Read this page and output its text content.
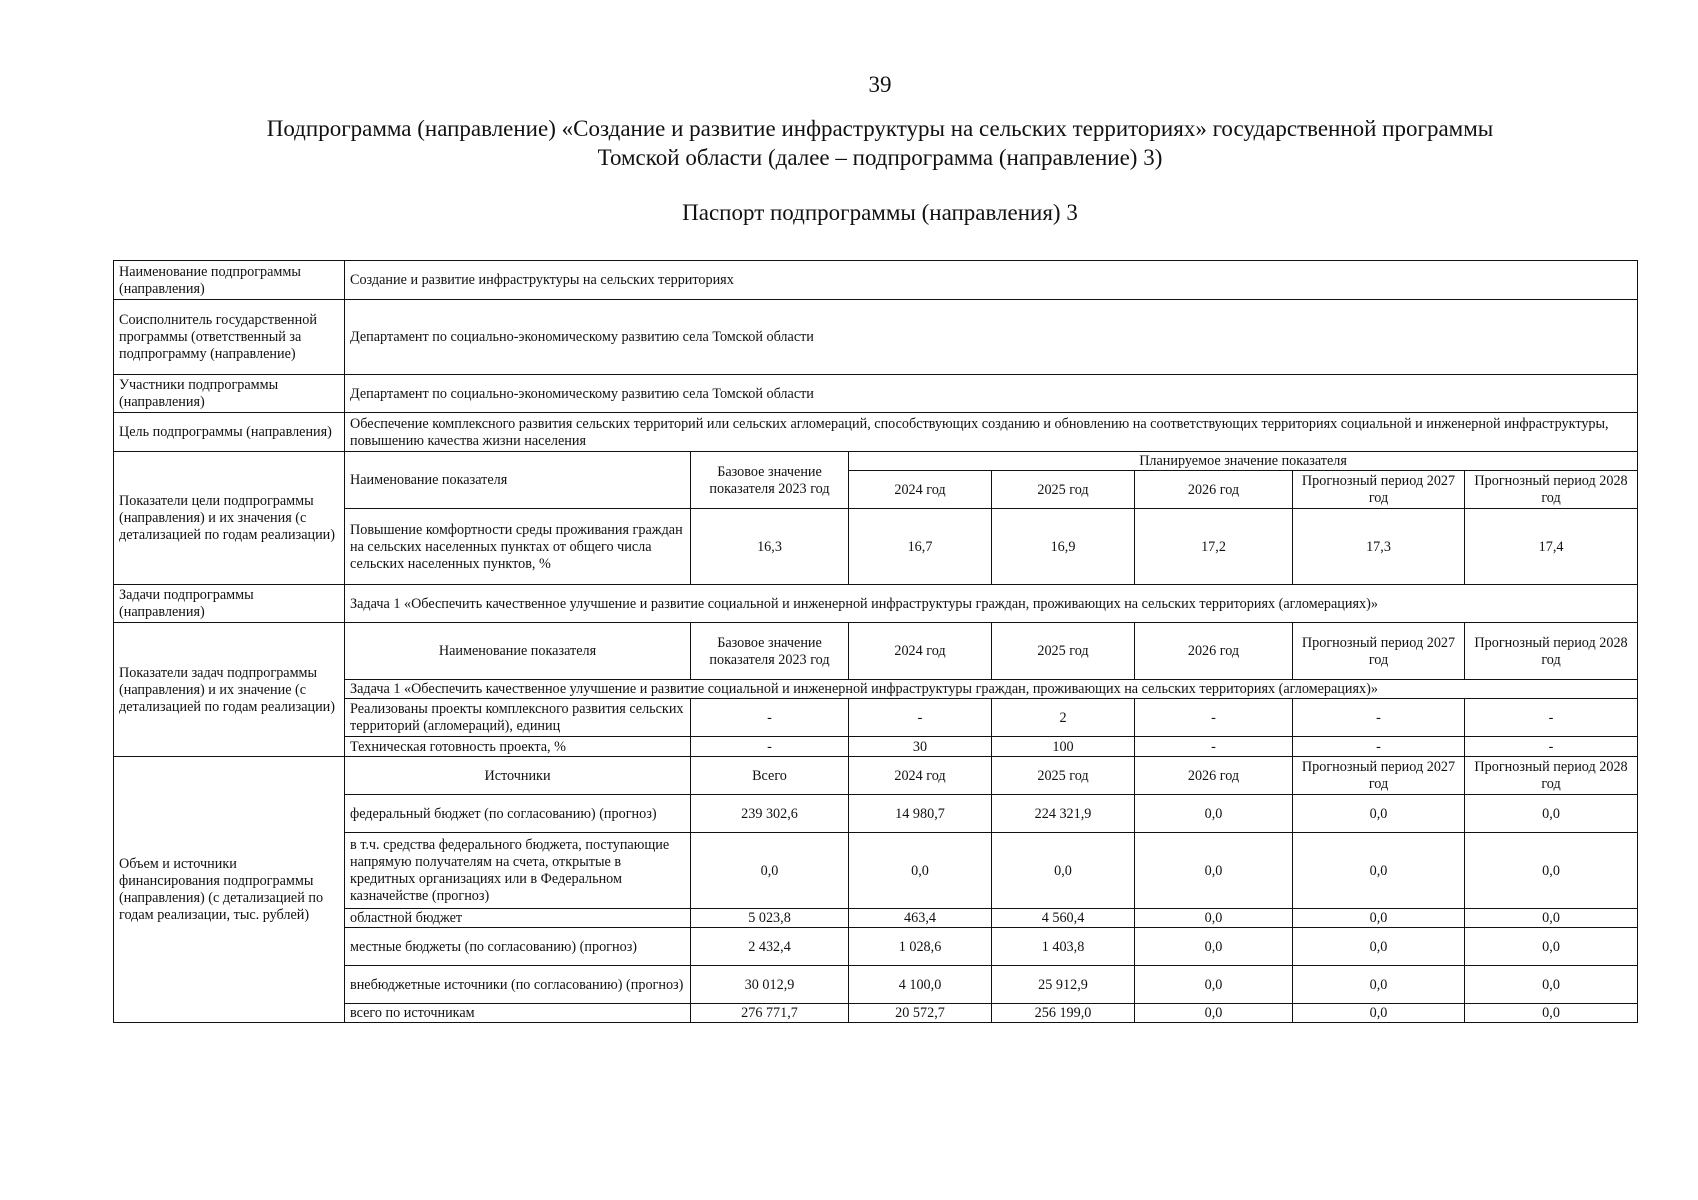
39
Подпрограмма (направление) «Создание и развитие инфраструктуры на сельских территориях» государственной программы
Томской области (далее – подпрограмма (направление) 3)
Паспорт подпрограммы (направления) 3
Наименование подпрограммы (направления)	Создание и развитие инфраструктуры на сельских территориях						
Соисполнитель государственной программы (ответственный за подпрограмму (направление)	Департамент по социально-экономическому развитию села Томской области						
Участники подпрограммы (направления)	Департамент по социально-экономическому развитию села Томской области						
Цель подпрограммы (направления)	Обеспечение комплексного развития сельских территорий или сельских агломераций, способствующих созданию и обновлению на соответствующих территориях социальной и инженерной инфраструктуры, повышению качества жизни населения						
Показатели цели подпрограммы (направления) и их значения (с детализацией по годам реализации)	Наименование показателя	Базовое значение показателя 2023 год	Планируемое значение показателя				
			2024 год	2025 год	2026 год	Прогнозный период 2027 год	Прогнозный период 2028 год
	Повышение комфортности среды проживания граждан на сельских населенных пунктах от общего числа сельских населенных пунктов, %	16,3	16,7	16,9	17,2	17,3	17,4
Задачи подпрограммы (направления)	Задача 1 «Обеспечить качественное улучшение и развитие социальной и инженерной инфраструктуры граждан, проживающих на сельских территориях (агломерациях)»						
Показатели задач подпрограммы (направления) и их значение (с детализацией по годам реализации)	Наименование показателя	Базовое значение показателя 2023 год	2024 год	2025 год	2026 год	Прогнозный период 2027 год	Прогнозный период 2028 год
	Задача 1 «Обеспечить качественное улучшение и развитие социальной и инженерной инфраструктуры граждан, проживающих на сельских территориях (агломерациях)»						
	Реализованы проекты комплексного развития сельских территорий (агломераций), единиц	-	-	2	-	-	-
	Техническая готовность проекта, %	-	30	100	-	-	-
Объем и источники финансирования подпрограммы (направления) (с детализацией по годам реализации, тыс. рублей)	Источники	Всего	2024 год	2025 год	2026 год	Прогнозный период 2027 год	Прогнозный период 2028 год
	федеральный бюджет (по согласованию) (прогноз)	239 302,6	14 980,7	224 321,9	0,0	0,0	0,0
	в т.ч. средства федерального бюджета, поступающие напрямую получателям на счета, открытые в кредитных организациях или в Федеральном казначействе (прогноз)	0,0	0,0	0,0	0,0	0,0	0,0
	областной бюджет	5 023,8	463,4	4 560,4	0,0	0,0	0,0
	местные бюджеты (по согласованию) (прогноз)	2 432,4	1 028,6	1 403,8	0,0	0,0	0,0
	внебюджетные источники (по согласованию) (прогноз)	30 012,9	4 100,0	25 912,9	0,0	0,0	0,0
	всего по источникам	276 771,7	20 572,7	256 199,0	0,0	0,0	0,0
